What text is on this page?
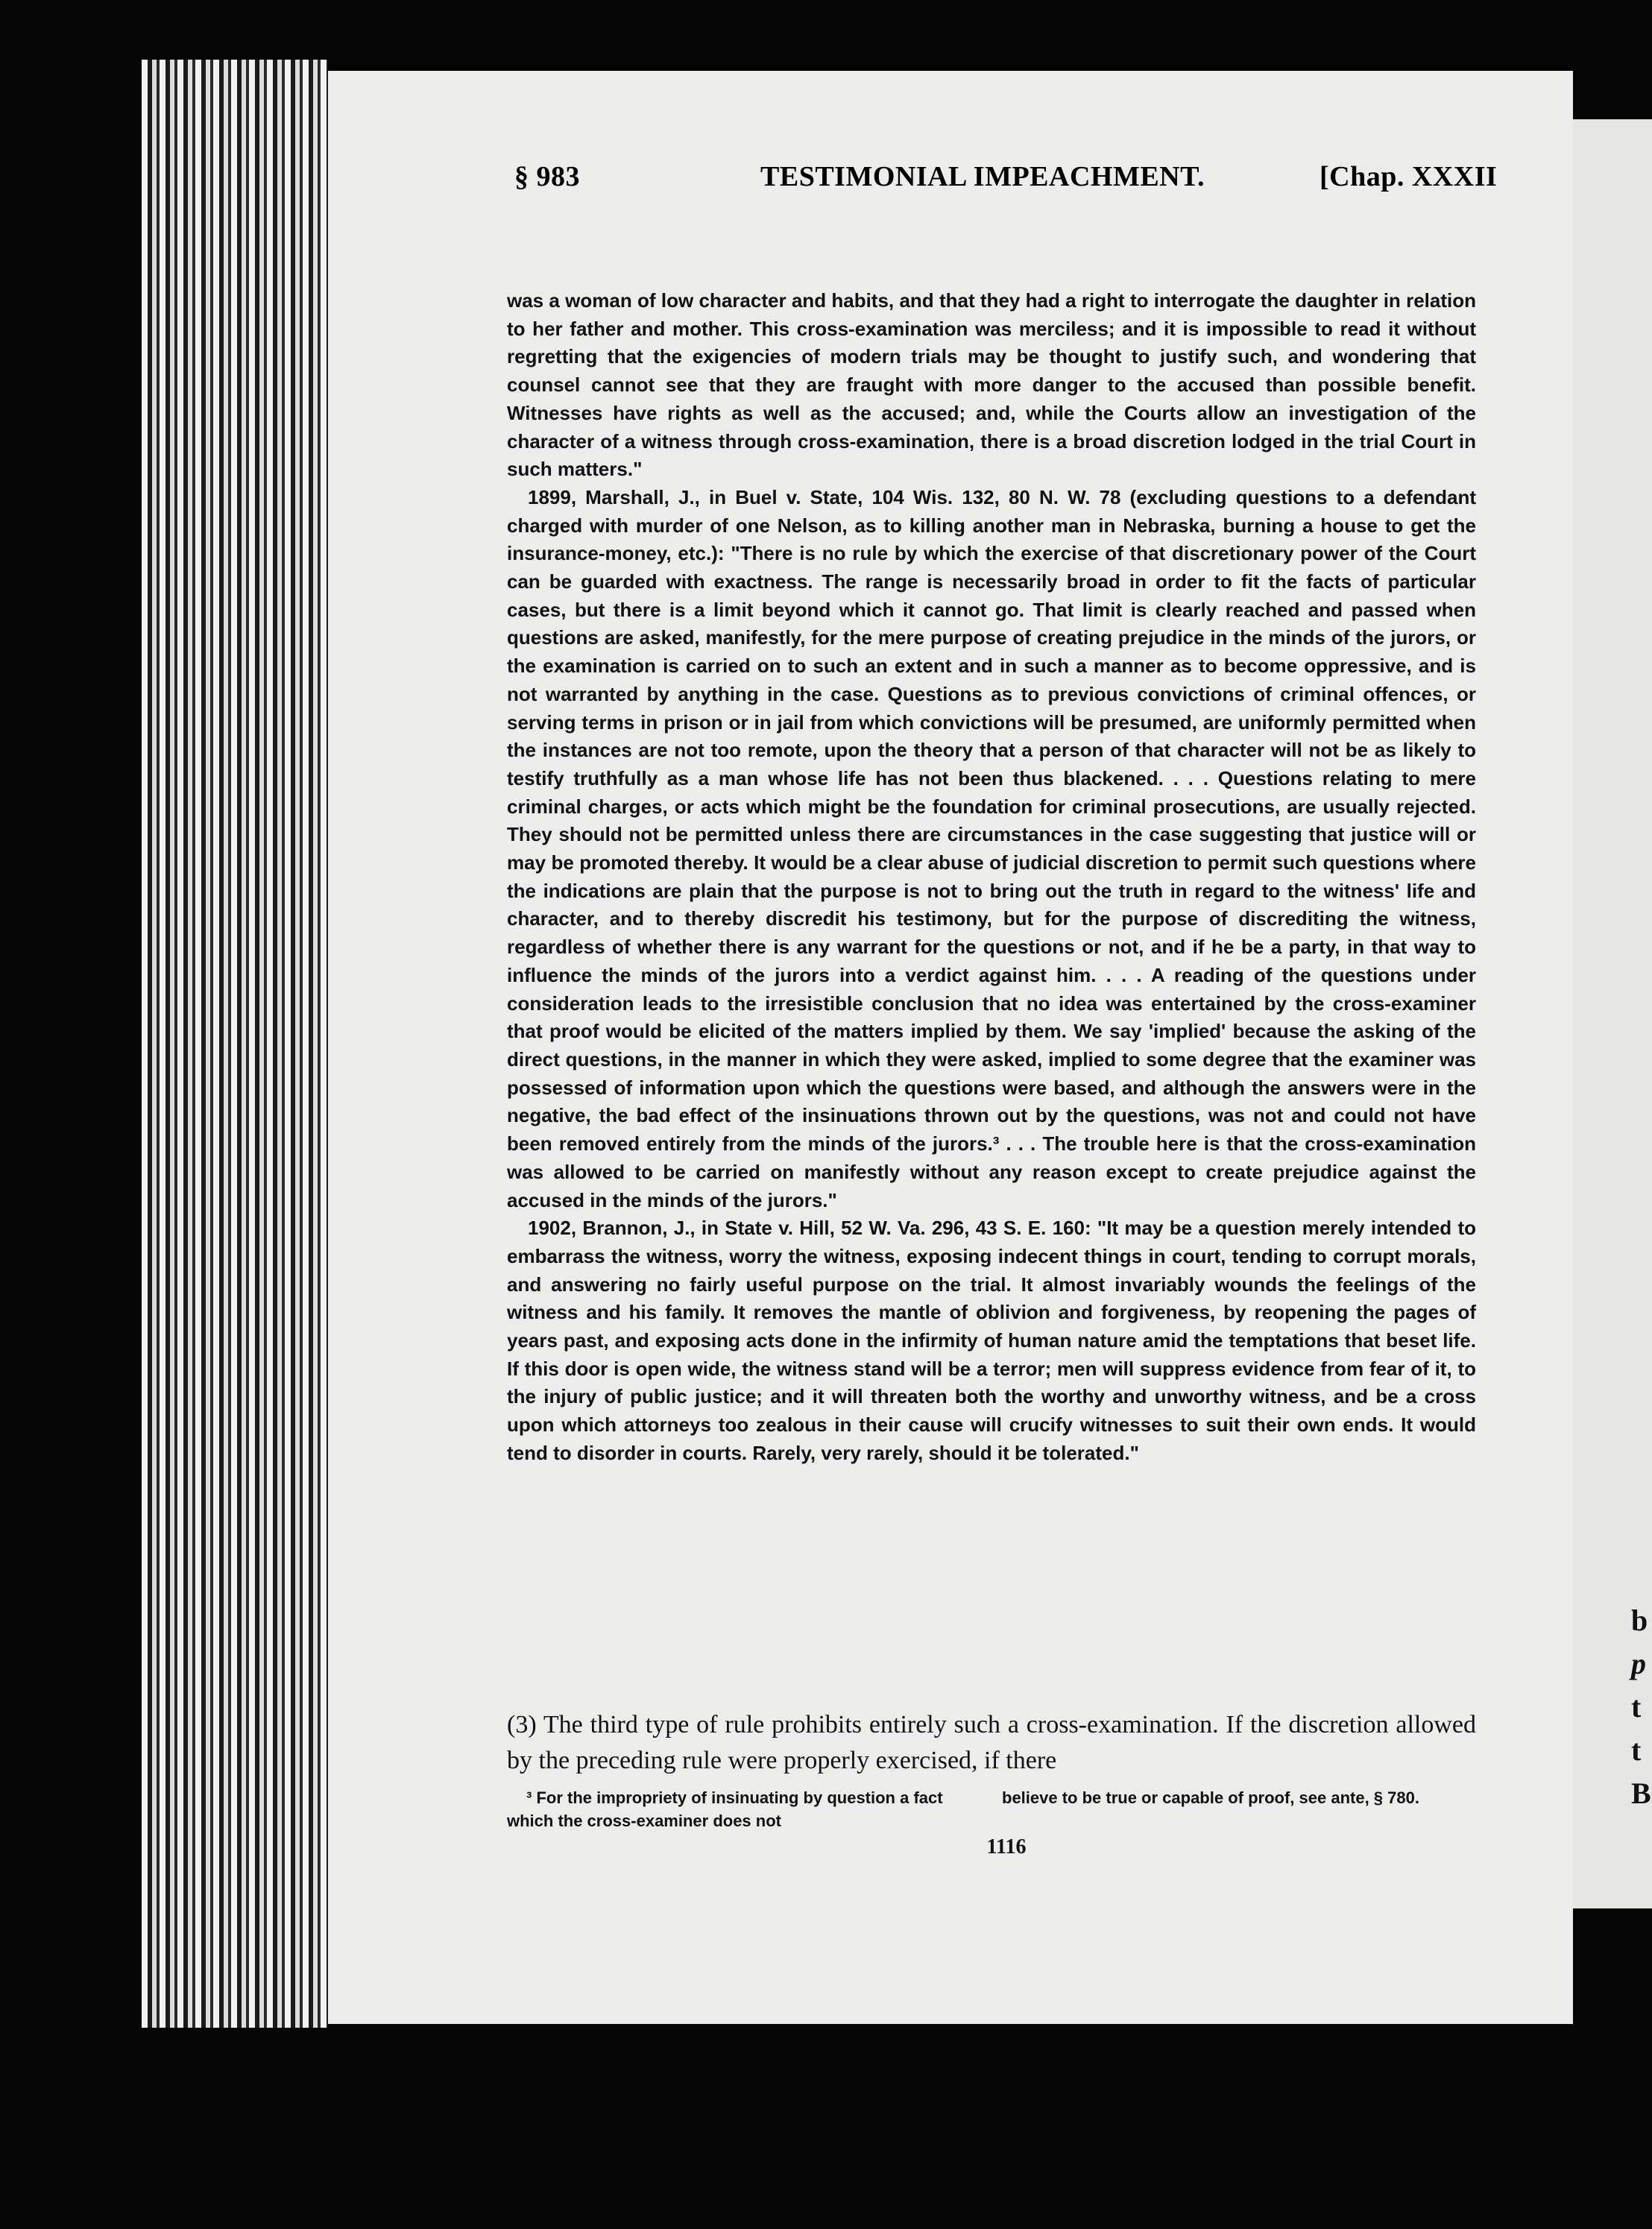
b
p
t
t
B
§ 983	TESTIMONIAL IMPEACHMENT.	[Chap. XXXII

was a woman of low character and habits, and that they had a right to interrogate the daughter in relation to her father and mother. This cross-examination was merciless; and it is impossible to read it without regretting that the exigencies of modern trials may be thought to justify such, and wondering that counsel cannot see that they are fraught with more danger to the accused than possible benefit. Witnesses have rights as well as the accused; and, while the Courts allow an investigation of the character of a witness through cross-examination, there is a broad discretion lodged in the trial Court in such matters."

1899, Marshall, J., in Buel v. State, 104 Wis. 132, 80 N. W. 78 (excluding questions to a defendant charged with murder of one Nelson, as to killing another man in Nebraska, burning a house to get the insurance-money, etc.): "There is no rule by which the exercise of that discretionary power of the Court can be guarded with exactness. The range is necessarily broad in order to fit the facts of particular cases, but there is a limit beyond which it cannot go. That limit is clearly reached and passed when questions are asked, manifestly, for the mere purpose of creating prejudice in the minds of the jurors, or the examination is carried on to such an extent and in such a manner as to become oppressive, and is not warranted by anything in the case. Questions as to previous convictions of criminal offences, or serving terms in prison or in jail from which convictions will be presumed, are uniformly permitted when the instances are not too remote, upon the theory that a person of that character will not be as likely to testify truthfully as a man whose life has not been thus blackened. . . . Questions relating to mere criminal charges, or acts which might be the foundation for criminal prosecutions, are usually rejected. They should not be permitted unless there are circumstances in the case suggesting that justice will or may be promoted thereby. It would be a clear abuse of judicial discretion to permit such questions where the indications are plain that the purpose is not to bring out the truth in regard to the witness' life and character, and to thereby discredit his testimony, but for the purpose of discrediting the witness, regardless of whether there is any warrant for the questions or not, and if he be a party, in that way to influence the minds of the jurors into a verdict against him. . . . A reading of the questions under consideration leads to the irresistible conclusion that no idea was entertained by the cross-examiner that proof would be elicited of the matters implied by them. We say 'implied' because the asking of the direct questions, in the manner in which they were asked, implied to some degree that the examiner was possessed of information upon which the questions were based, and although the answers were in the negative, the bad effect of the insinuations thrown out by the questions, was not and could not have been removed entirely from the minds of the jurors.³ . . . The trouble here is that the cross-examination was allowed to be carried on manifestly without any reason except to create prejudice against the accused in the minds of the jurors."

1902, Brannon, J., in State v. Hill, 52 W. Va. 296, 43 S. E. 160: "It may be a question merely intended to embarrass the witness, worry the witness, exposing indecent things in court, tending to corrupt morals, and answering no fairly useful purpose on the trial. It almost invariably wounds the feelings of the witness and his family. It removes the mantle of oblivion and forgiveness, by reopening the pages of years past, and exposing acts done in the infirmity of human nature amid the temptations that beset life. If this door is open wide, the witness stand will be a terror; men will suppress evidence from fear of it, to the injury of public justice; and it will threaten both the worthy and unworthy witness, and be a cross upon which attorneys too zealous in their cause will crucify witnesses to suit their own ends. It would tend to disorder in courts. Rarely, very rarely, should it be tolerated."

(3) The third type of rule prohibits entirely such a cross-examination. If the discretion allowed by the preceding rule were properly exercised, if there

³ For the impropriety of insinuating by question a fact which the cross-examiner does not
believe to be true or capable of proof, see ante, § 780.
1116
